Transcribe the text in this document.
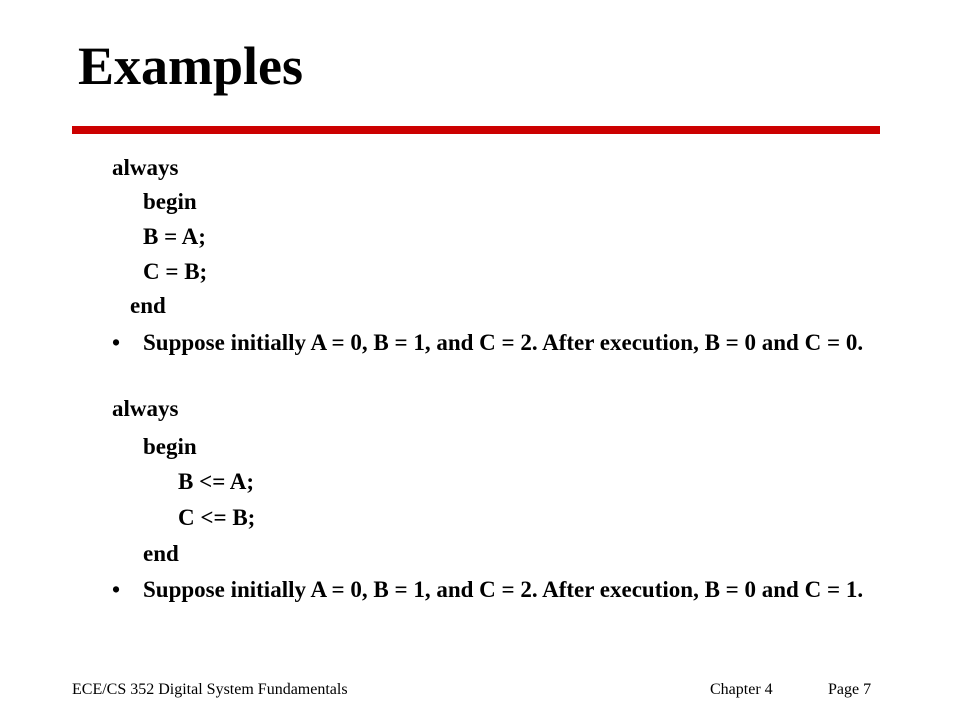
Examples
always
begin
B = A;
C = B;
end
• Suppose initially A = 0, B = 1, and C = 2. After execution, B = 0 and C = 0.
always
begin
B <= A;
C <= B;
end
• Suppose initially A = 0, B = 1, and C = 2. After execution, B = 0 and C = 1.
ECE/CS 352 Digital System Fundamentals	Chapter 4	Page 7
